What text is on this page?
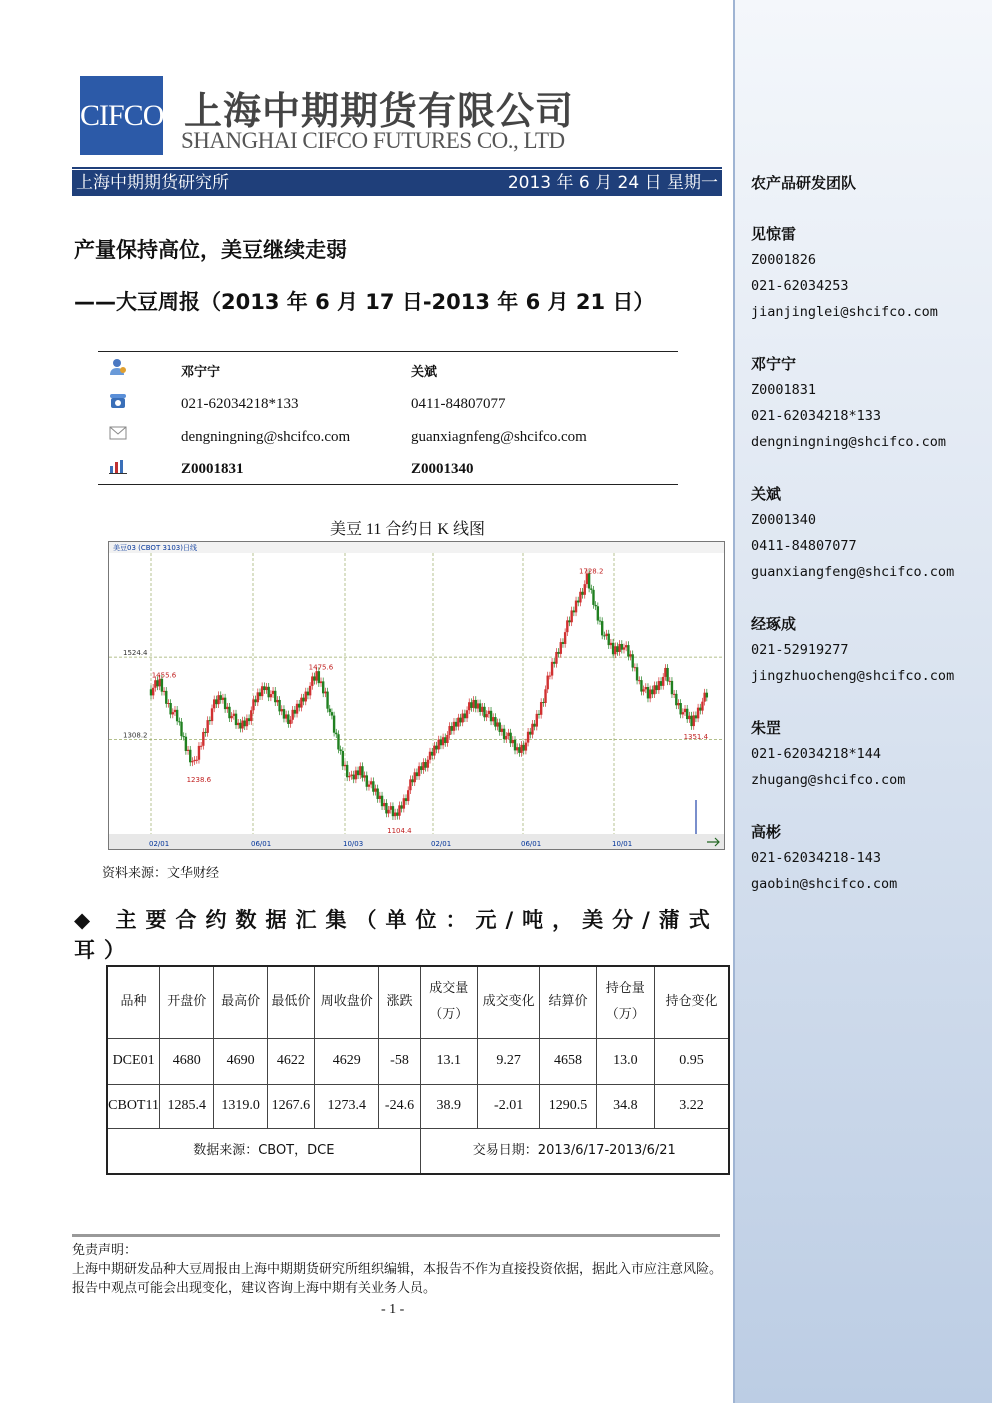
CIFCO 上海中期期货有限公司
SHANGHAI CIFCO FUTURES CO., LTD
上海中期期货研究所	2013 年 6 月 24 日 星期一
产量保持高位，美豆继续走弱
——大豆周报（2013 年 6 月 17 日-2013 年 6 月 21 日）
邓宁宁	关斌
021-62034218*133	0411-84807077
dengningning@shcifco.com	guanxiagnfeng@shcifco.com
Z0001831	Z0001340
美豆 11 合约日 K 线图
美豆03 (CBOT 3103)日线
1524.4
1308.2
02/01	06/01	10/03	02/01	06/01	10/01
1455.6
1238.6
1475.6
1104.4
1728.2
1351.4
资料来源：文华财经
◆ 主要合约数据汇集（单位：元/吨，美分/蒲式耳）
品种	开盘价	最高价	最低价	周收盘价	涨跌	成交量（万）	成交变化	结算价	持仓量（万）	持仓变化
DCE01	4680	4690	4622	4629	-58	13.1	9.27	4658	13.0	0.95
CBOT11	1285.4	1319.0	1267.6	1273.4	-24.6	38.9	-2.01	1290.5	34.8	3.22
数据来源：CBOT，DCE						交易日期：2013/6/17-2013/6/21				
免责声明：
上海中期研发品种大豆周报由上海中期期货研究所组织编辑，本报告不作为直接投资依据，据此入市应注意风险。报告中观点可能会出现变化，建议咨询上海中期有关业务人员。
- 1 -
农产品研发团队
见惊雷
Z0001826
021-62034253
jianjinglei@shcifco.com
邓宁宁
Z0001831
021-62034218*133
dengningning@shcifco.com
关斌
Z0001340
0411-84807077
guanxiangfeng@shcifco.com
经琢成
021-52919277
jingzhuocheng@shcifco.com
朱罡
021-62034218*144
zhugang@shcifco.com
高彬
021-62034218-143
gaobin@shcifco.com
